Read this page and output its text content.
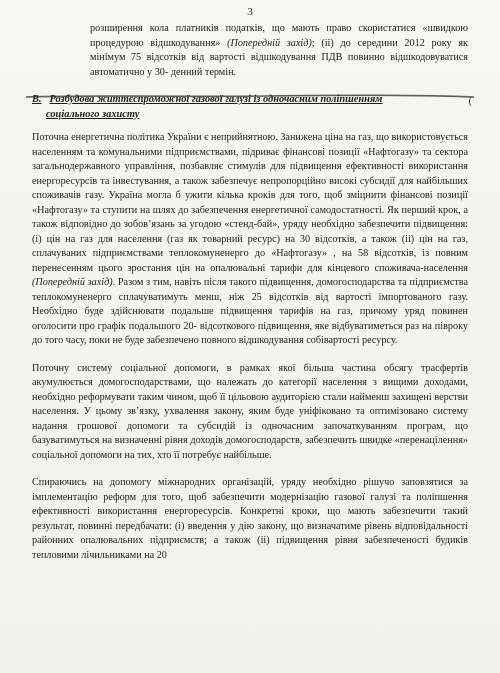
3

розширення кола платників податків, що мають право скористатися «швидкою процедурою відшкодування» (Попередній захід); (ii) до середини 2012 року як мінімум 75 відсотків від вартості відшкодування ПДВ повинно відшкодовуватися автоматично у 30- денний термін.

B. Розбудова життєспроможної газової галузі із одночасним поліпшенням	(
соціального захисту

Поточна енергетична політика України є неприйнятною. Занижена ціна на газ, що використовується населенням та комунальними підприємствами, підриває фінансові позиції «Нафтогазу» та сектора загальнодержавного управління, позбавляє стимулів для підвищення ефективності використання енергоресурсів та інвестування, а також забезпечує непропорційно високі субсидії для найбільших споживачів газу. Україна могла б ужити кілька кроків для того, щоб зміцнити фінансові позиції «Нафтогазу» та ступити на шлях до забезпечення енергетичної самодостатності. Як перший крок, а також відповідно до зобов’язань за угодою «стенд-бай», уряду необхідно забезпечити підвищення: (i) цін на газ для населення (газ як товарний ресурс) на 30 відсотків, а також (ii) цін на газ, сплачуваних підприємствами теплокомуненерго до «Нафтогазу» , на 58 відсотків, із повним перенесенням цього зростання цін на опалювальні тарифи для кінцевого споживача-населення (Попередній захід). Разом з тим, навіть після такого підвищення, домогосподарства та підприємства теплокомуненерго сплачуватимуть менш, ніж 25 відсотків від вартості імпортованого газу. Необхідно буде здійснювати подальше підвищення тарифів на газ, причому уряд повинен оголосити про графік подальшого 20- відсоткового підвищення, яке відбуватиметься раз на півроку до того часу, поки не буде забезпечено повного відшкодування собівартості ресурсу.

Поточну систему соціальної допомоги, в рамках якої більша частина обсягу трасфертів акумулюється домогосподарствами, що належать до категорії населення з вищими доходами, необхідно реформувати таким чином, щоб її цільовою аудиторією стали найменш захищені верстви населення. У цьому зв’язку, ухвалення закону, яким буде уніфіковано та оптимізовано систему надання грошової допомоги та субсидій із одночасним започаткуванням програм, що базуватимуться на визначенні рівня доходів домогосподарств, забезпечить швидке «перенацілення» соціальної допомоги на тих, хто її потребує найбільше.

Спираючись на допомогу міжнародних організацій, уряду необхідно рішучо заповзятися за імплементацію реформ для того, щоб забезпечити модернізацію газової галузі та поліпшення ефективності використання енергоресурсів. Конкретні кроки, що мають забезпечити такий результат, повинні передбачати: (i) введення у дію закону, що визначатиме рівень відповідальності районних опалювальних підприємств; а також (ii) підвищення рівня забезпеченості будиків тепловими лічильниками на 20
